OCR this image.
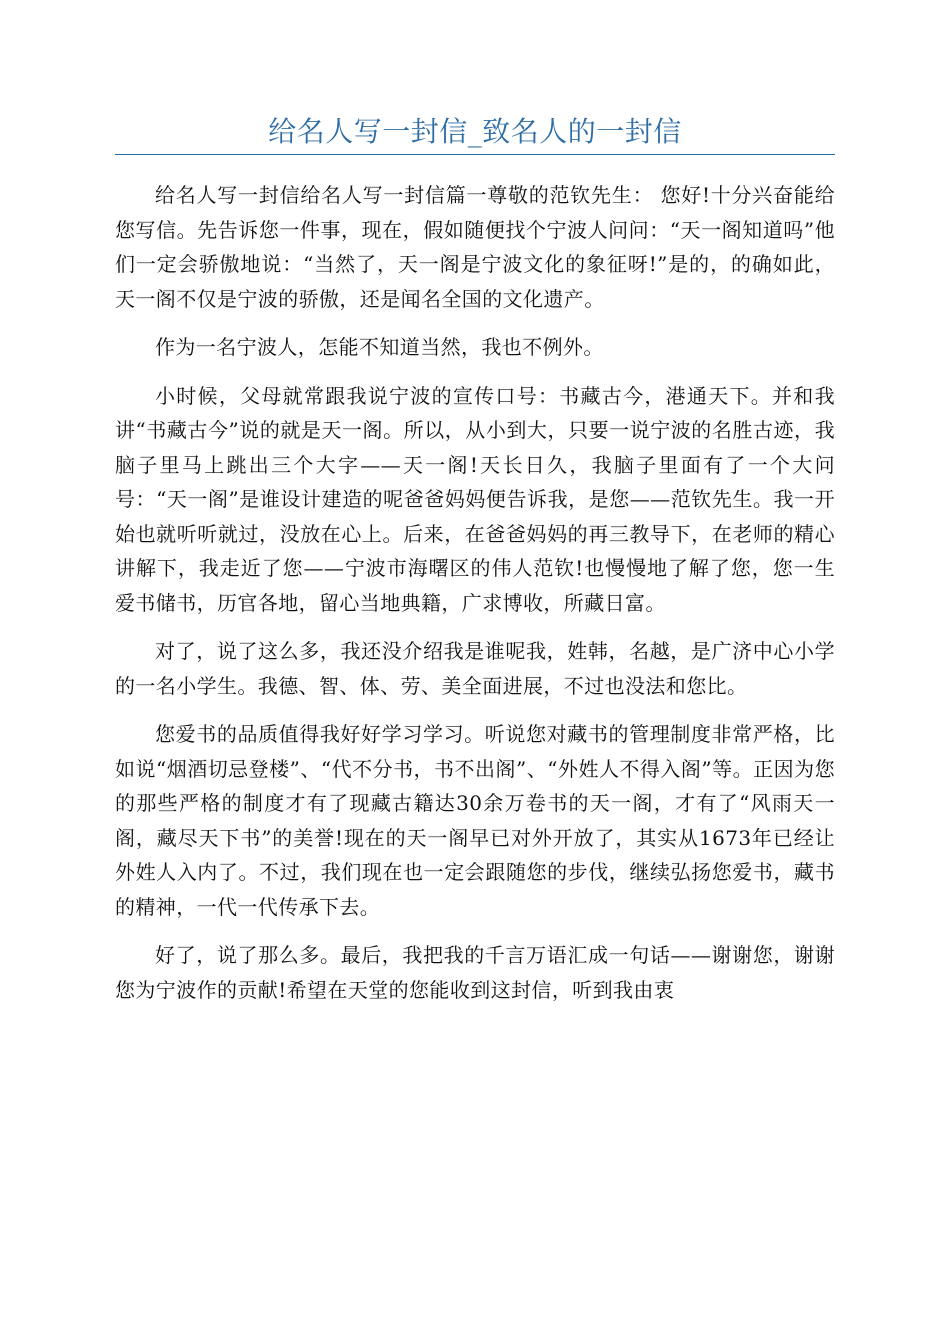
给名人写一封信_致名人的一封信

给名人写一封信给名人写一封信篇一尊敬的范钦先生： 您好!十分兴奋能给您写信。先告诉您一件事，现在，假如随便找个宁波人问问：“天一阁知道吗”他们一定会骄傲地说：“当然了，天一阁是宁波文化的象征呀!”是的，的确如此，天一阁不仅是宁波的骄傲，还是闻名全国的文化遗产。

作为一名宁波人，怎能不知道当然，我也不例外。

小时候，父母就常跟我说宁波的宣传口号：书藏古今，港通天下。并和我讲“书藏古今”说的就是天一阁。所以，从小到大，只要一说宁波的名胜古迹，我脑子里马上跳出三个大字——天一阁!天长日久，我脑子里面有了一个大问号：“天一阁”是谁设计建造的呢爸爸妈妈便告诉我，是您——范钦先生。我一开始也就听听就过，没放在心上。后来，在爸爸妈妈的再三教导下，在老师的精心讲解下，我走近了您——宁波市海曙区的伟人范钦!也慢慢地了解了您，您一生爱书储书，历官各地，留心当地典籍，广求博收，所藏日富。

对了，说了这么多，我还没介绍我是谁呢我，姓韩，名越，是广济中心小学的一名小学生。我德、智、体、劳、美全面进展，不过也没法和您比。

您爱书的品质值得我好好学习学习。听说您对藏书的管理制度非常严格，比如说“烟酒切忌登楼”、“代不分书，书不出阁”、“外姓人不得入阁”等。正因为您的那些严格的制度才有了现藏古籍达30余万卷书的天一阁，才有了“风雨天一阁，藏尽天下书”的美誉!现在的天一阁早已对外开放了，其实从1673年已经让外姓人入内了。不过，我们现在也一定会跟随您的步伐，继续弘扬您爱书，藏书的精神，一代一代传承下去。

好了，说了那么多。最后，我把我的千言万语汇成一句话——谢谢您，谢谢您为宁波作的贡献!希望在天堂的您能收到这封信，听到我由衷
